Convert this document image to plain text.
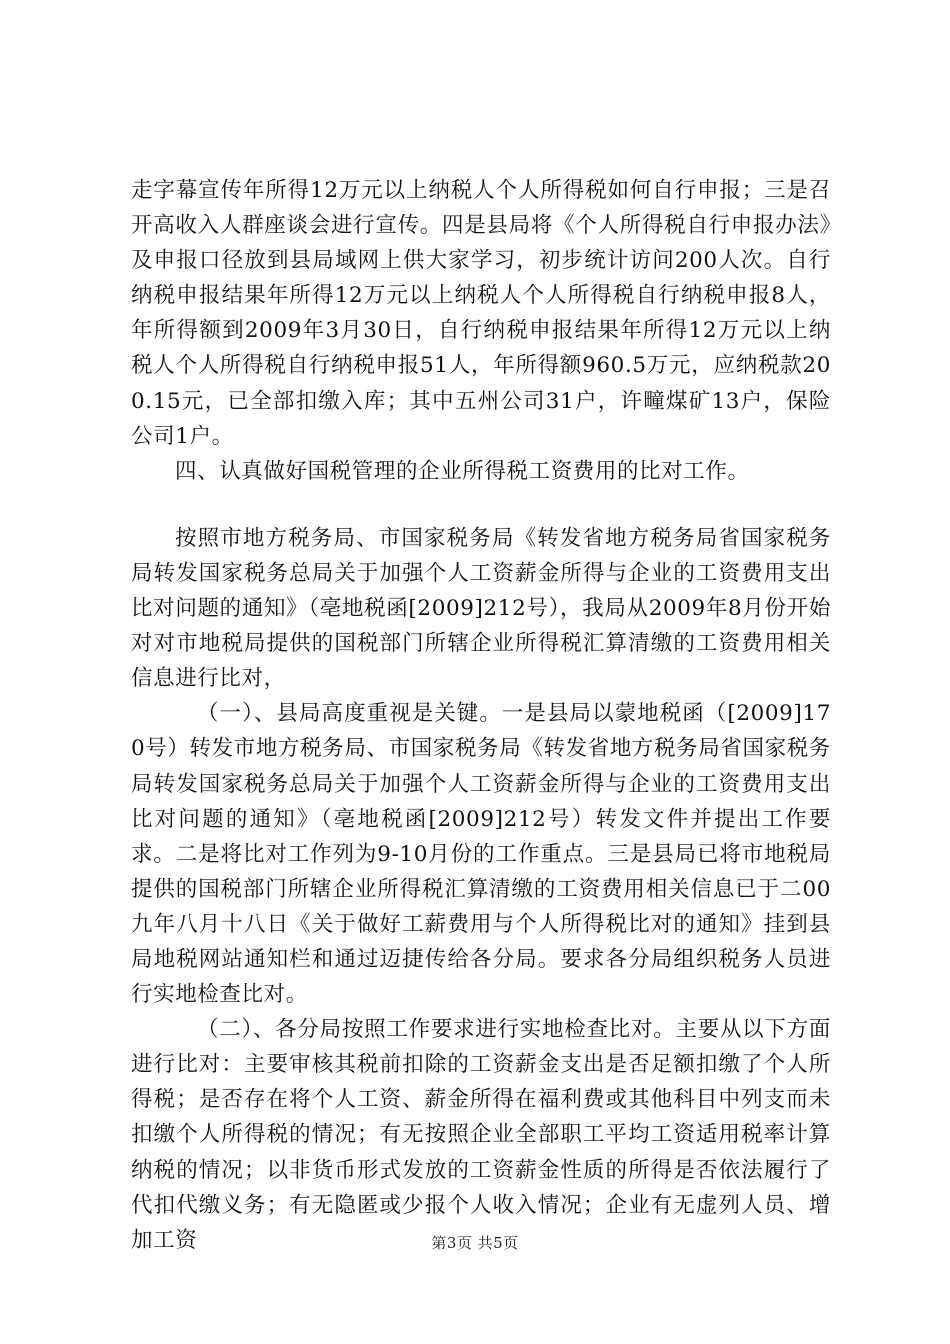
走字幕宣传年所得12万元以上纳税人个人所得税如何自行申报；三是召开高收入人群座谈会进行宣传。四是县局将《个人所得税自行申报办法》及申报口径放到县局域网上供大家学习，初步统计访问200人次。自行纳税申报结果年所得12万元以上纳税人个人所得税自行纳税申报8人，年所得额到2009年3月30日，自行纳税申报结果年所得12万元以上纳税人个人所得税自行纳税申报51人，年所得额960.5万元，应纳税款200.15元，已全部扣缴入库；其中五州公司31户，许疃煤矿13户，保险公司1户。

四、认真做好国税管理的企业所得税工资费用的比对工作。

按照市地方税务局、市国家税务局《转发省地方税务局省国家税务局转发国家税务总局关于加强个人工资薪金所得与企业的工资费用支出比对问题的通知》（亳地税函[2009]212号），我局从2009年8月份开始对对市地税局提供的国税部门所辖企业所得税汇算清缴的工资费用相关信息进行比对，

（一）、县局高度重视是关键。一是县局以蒙地税函（[2009]170号）转发市地方税务局、市国家税务局《转发省地方税务局省国家税务局转发国家税务总局关于加强个人工资薪金所得与企业的工资费用支出比对问题的通知》（亳地税函[2009]212号）转发文件并提出工作要求。二是将比对工作列为9-10月份的工作重点。三是县局已将市地税局提供的国税部门所辖企业所得税汇算清缴的工资费用相关信息已于二00九年八月十八日《关于做好工薪费用与个人所得税比对的通知》挂到县局地税网站通知栏和通过迈捷传给各分局。要求各分局组织税务人员进行实地检查比对。

（二）、各分局按照工作要求进行实地检查比对。主要从以下方面进行比对：主要审核其税前扣除的工资薪金支出是否足额扣缴了个人所得税；是否存在将个人工资、薪金所得在福利费或其他科目中列支而未扣缴个人所得税的情况；有无按照企业全部职工平均工资适用税率计算纳税的情况；以非货币形式发放的工资薪金性质的所得是否依法履行了代扣代缴义务；有无隐匿或少报个人收入情况；企业有无虚列人员、增加工资	第3页 共5页
